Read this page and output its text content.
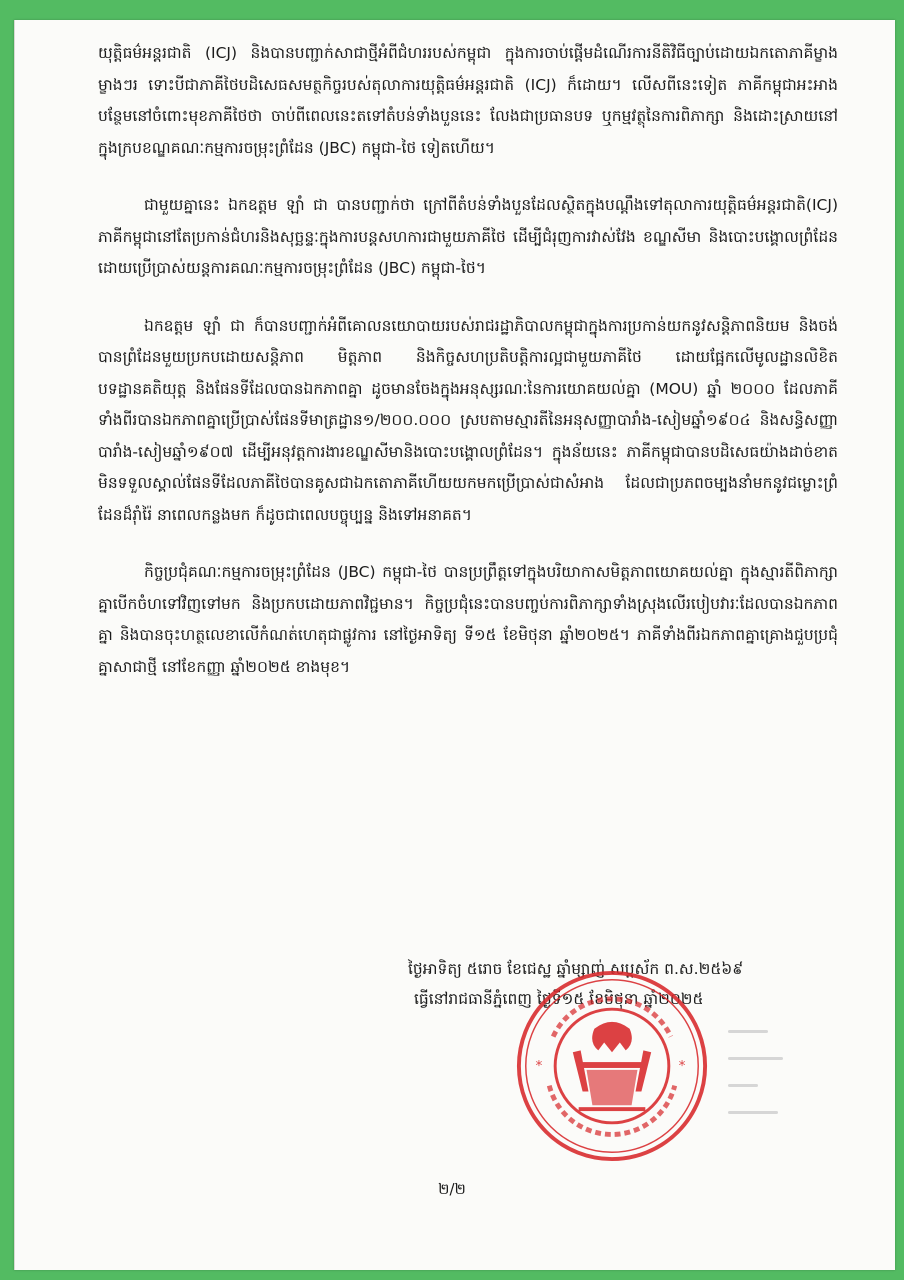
យុត្តិធម៌អន្តរជាតិ (ICJ) និងបានបញ្ជាក់សាជាថ្មីអំពីជំហររបស់កម្ពុជា ក្នុងការចាប់ផ្តើមដំណើរការនីតិវិធីច្បាប់ដោយឯកតោភាគីម្ខាងម្ខាងៗរ ទោះបីជាភាគីថៃបដិសេធសមត្ថកិច្ចរបស់តុលាការយុត្តិធម៌អន្តរជាតិ (ICJ) ក៏ដោយ។ លើសពីនេះទៀត ភាគីកម្ពុជាអះអាងបន្ថែមនៅចំពោះមុខភាគីថៃថា ចាប់ពីពេលនេះតទៅតំបន់ទាំងបួននេះ លែងជាប្រធានបទ ឬកម្មវត្ថុនៃការពិភាក្សា និងដោះស្រាយនៅក្នុងក្របខណ្ឌគណៈកម្មការចម្រុះព្រំដែន (JBC) កម្ពុជា-ថៃ ទៀតហើយ។

ជាមួយគ្នានេះ ឯកឧត្តម ឡាំ ជា បានបញ្ជាក់ថា ក្រៅពីតំបន់ទាំងបួនដែលស្ថិតក្នុងបណ្តឹងទៅតុលាការយុត្តិធម៌អន្តរជាតិ(ICJ) ភាគីកម្ពុជានៅតែប្រកាន់ជំហរនិងសុច្ឆន្ទៈក្នុងការបន្តសហការជាមួយភាគីថៃ ដើម្បីជំរុញការវាស់វែង ខណ្ឌសីមា និងបោះបង្គោលព្រំដែន ដោយប្រើប្រាស់យន្តការគណៈកម្មការចម្រុះព្រំដែន (JBC) កម្ពុជា-ថៃ។

ឯកឧត្តម ឡាំ ជា ក៏បានបញ្ជាក់អំពីគោលនយោបាយរបស់រាជរដ្ឋាភិបាលកម្ពុជាក្នុងការប្រកាន់យកនូវសន្តិភាពនិយម និងចង់បានព្រំដែនមួយប្រកបដោយសន្តិភាព មិត្តភាព និងកិច្ចសហប្រតិបត្តិការល្អជាមួយភាគីថៃ ដោយផ្អែកលើមូលដ្ឋានលិខិតបទដ្ឋានគតិយុត្ត និងផែនទីដែលបានឯកភាពគ្នា ដូចមានចែងក្នុងអនុស្សរណៈនៃការយោគយល់គ្នា (MOU) ឆ្នាំ ២០០០ ដែលភាគីទាំងពីរបានឯកភាពគ្នាប្រើប្រាស់ផែនទីមាត្រដ្ឋាន១/២០០.០០០ ស្របតាមស្មារតីនៃអនុសញ្ញាបារាំង-សៀមឆ្នាំ១៩០៤ និងសន្ធិសញ្ញាបារាំង-សៀមឆ្នាំ១៩០៧ ដើម្បីអនុវត្តការងារខណ្ឌសីមានិងបោះបង្គោលព្រំដែន។ ក្នុងន័យនេះ ភាគីកម្ពុជាបានបដិសេធយ៉ាងដាច់ខាតមិនទទួលស្គាល់ផែនទីដែលភាគីថៃបានគូសជាឯកតោភាគីហើយយកមកប្រើប្រាស់ជាសំអាង ដែលជាប្រភពចម្បងនាំមកនូវជម្លោះព្រំដែនដ៏រ៉ាំរ៉ៃ នាពេលកន្លងមក ក៏ដូចជាពេលបច្ចុប្បន្ន និងទៅអនាគត។

កិច្ចប្រជុំគណៈកម្មការចម្រុះព្រំដែន (JBC) កម្ពុជា-ថៃ បានប្រព្រឹត្តទៅក្នុងបរិយាកាសមិត្តភាពយោគយល់គ្នា ក្នុងស្មារតីពិភាក្សាគ្នាបើកចំហទៅវិញទៅមក និងប្រកបដោយភាពវិជ្ជមាន។ កិច្ចប្រជុំនេះបានបញ្ចប់ការពិភាក្សាទាំងស្រុងលើរបៀបវារៈដែលបានឯកភាពគ្នា និងបានចុះហត្ថលេខាលើកំណត់ហេតុជាផ្លូវការ នៅថ្ងៃអាទិត្យ ទី១៥ ខែមិថុនា ឆ្នាំ២០២៥។ ភាគីទាំងពីរឯកភាពគ្នាគ្រោងជួបប្រជុំគ្នាសាជាថ្មី នៅខែកញ្ញា ឆ្នាំ២០២៥ ខាងមុខ។

ថ្ងៃអាទិត្យ ៥រោច ខែជេស្ឋ ឆ្នាំម្សាញ់ សប្តស័ក ព.ស.២៥៦៩
ធ្វើនៅរាជធានីភ្នំពេញ ថ្ងៃទី១៥ ខែមិថុនា ឆ្នាំ២០២៥
*	*
២/២
